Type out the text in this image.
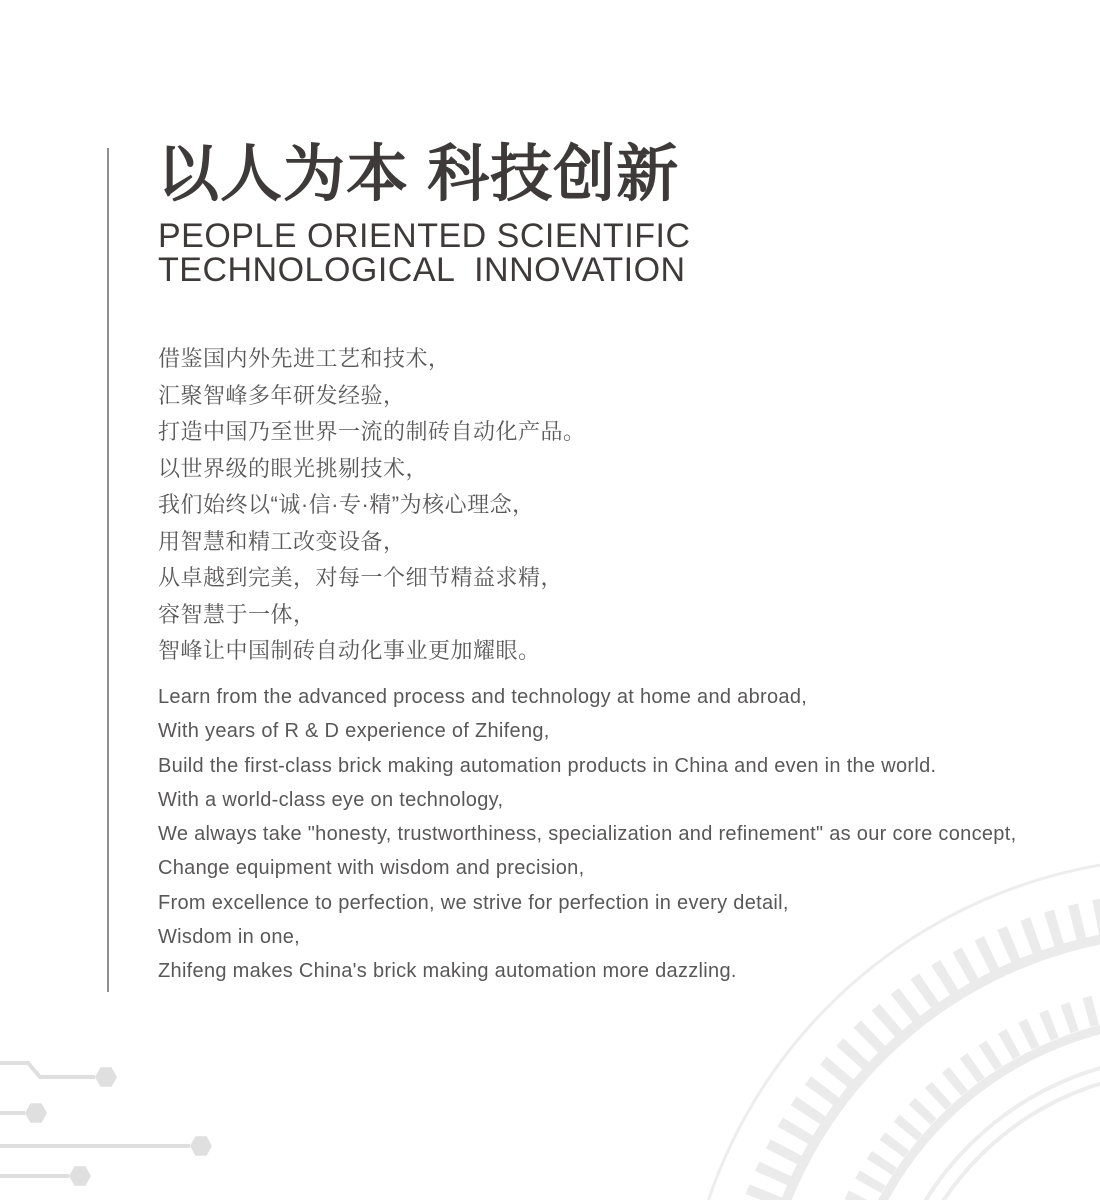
以人为本 科技创新
PEOPLE ORIENTED SCIENTIFIC
TECHNOLOGICAL  INNOVATION
借鉴国内外先进工艺和技术，
汇聚智峰多年研发经验，
打造中国乃至世界一流的制砖自动化产品。
以世界级的眼光挑剔技术，
我们始终以“诚·信·专·精”为核心理念，
用智慧和精工改变设备，
从卓越到完美，对每一个细节精益求精，
容智慧于一体，
智峰让中国制砖自动化事业更加耀眼。
Learn from the advanced process and technology at home and abroad,
With years of R & D experience of Zhifeng,
Build the first-class brick making automation products in China and even in the world.
With a world-class eye on technology,
We always take "honesty, trustworthiness, specialization and refinement" as our core concept,
Change equipment with wisdom and precision,
From excellence to perfection, we strive for perfection in every detail,
Wisdom in one,
Zhifeng makes China's brick making automation more dazzling.
